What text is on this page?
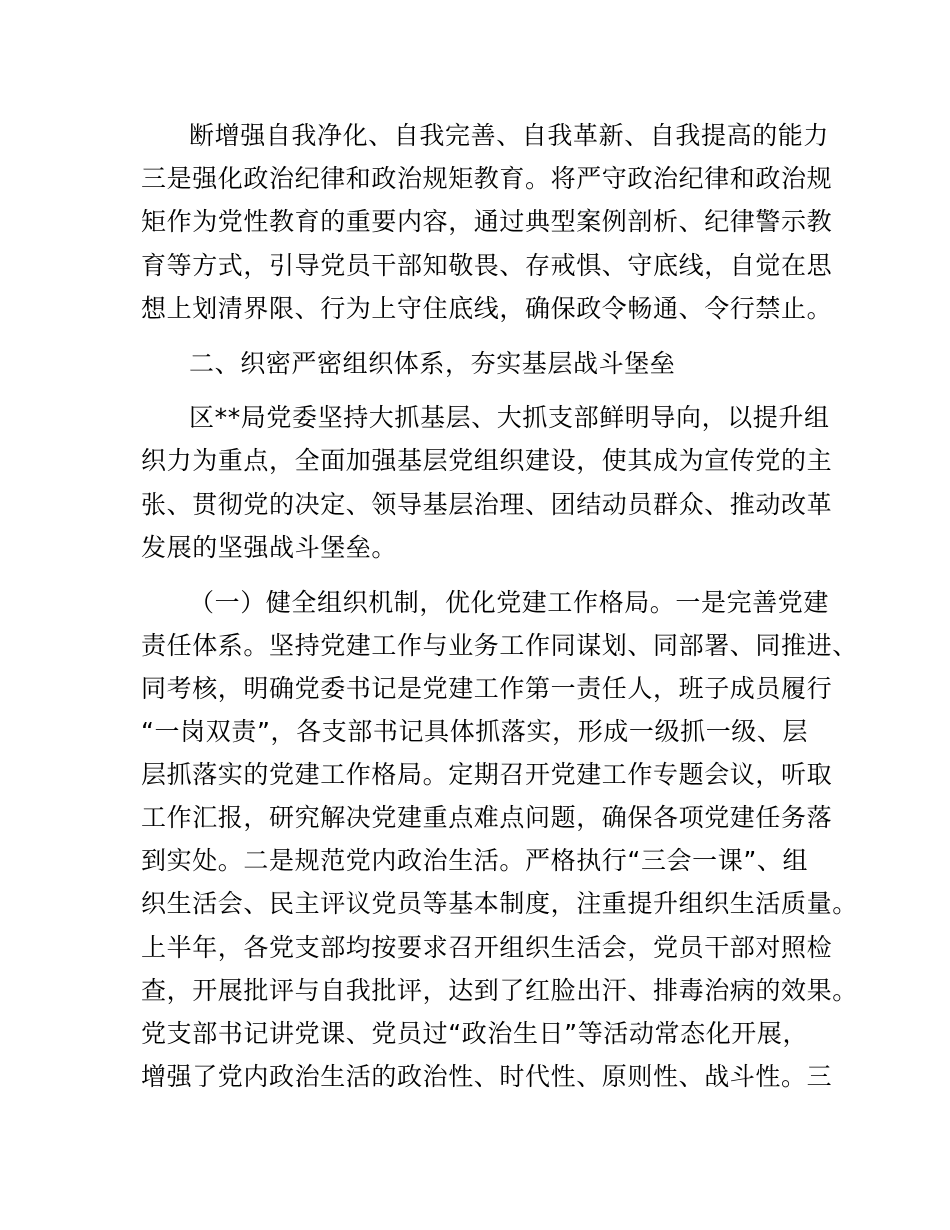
断增强自我净化、自我完善、自我革新、自我提高的能力
三是强化政治纪律和政治规矩教育。将严守政治纪律和政治规
矩作为党性教育的重要内容，通过典型案例剖析、纪律警示教
育等方式，引导党员干部知敬畏、存戒惧、守底线，自觉在思
想上划清界限、行为上守住底线，确保政令畅通、令行禁止。
二、织密严密组织体系，夯实基层战斗堡垒
区**局党委坚持大抓基层、大抓支部鲜明导向，以提升组
织力为重点，全面加强基层党组织建设，使其成为宣传党的主
张、贯彻党的决定、领导基层治理、团结动员群众、推动改革
发展的坚强战斗堡垒。
（一）健全组织机制，优化党建工作格局。一是完善党建
责任体系。坚持党建工作与业务工作同谋划、同部署、同推进、
同考核，明确党委书记是党建工作第一责任人，班子成员履行
“一岗双责”，各支部书记具体抓落实，形成一级抓一级、层
层抓落实的党建工作格局。定期召开党建工作专题会议，听取
工作汇报，研究解决党建重点难点问题，确保各项党建任务落
到实处。二是规范党内政治生活。严格执行“三会一课”、组
织生活会、民主评议党员等基本制度，注重提升组织生活质量。
上半年，各党支部均按要求召开组织生活会，党员干部对照检
查，开展批评与自我批评，达到了红脸出汗、排毒治病的效果。
党支部书记讲党课、党员过“政治生日”等活动常态化开展，
增强了党内政治生活的政治性、时代性、原则性、战斗性。三
